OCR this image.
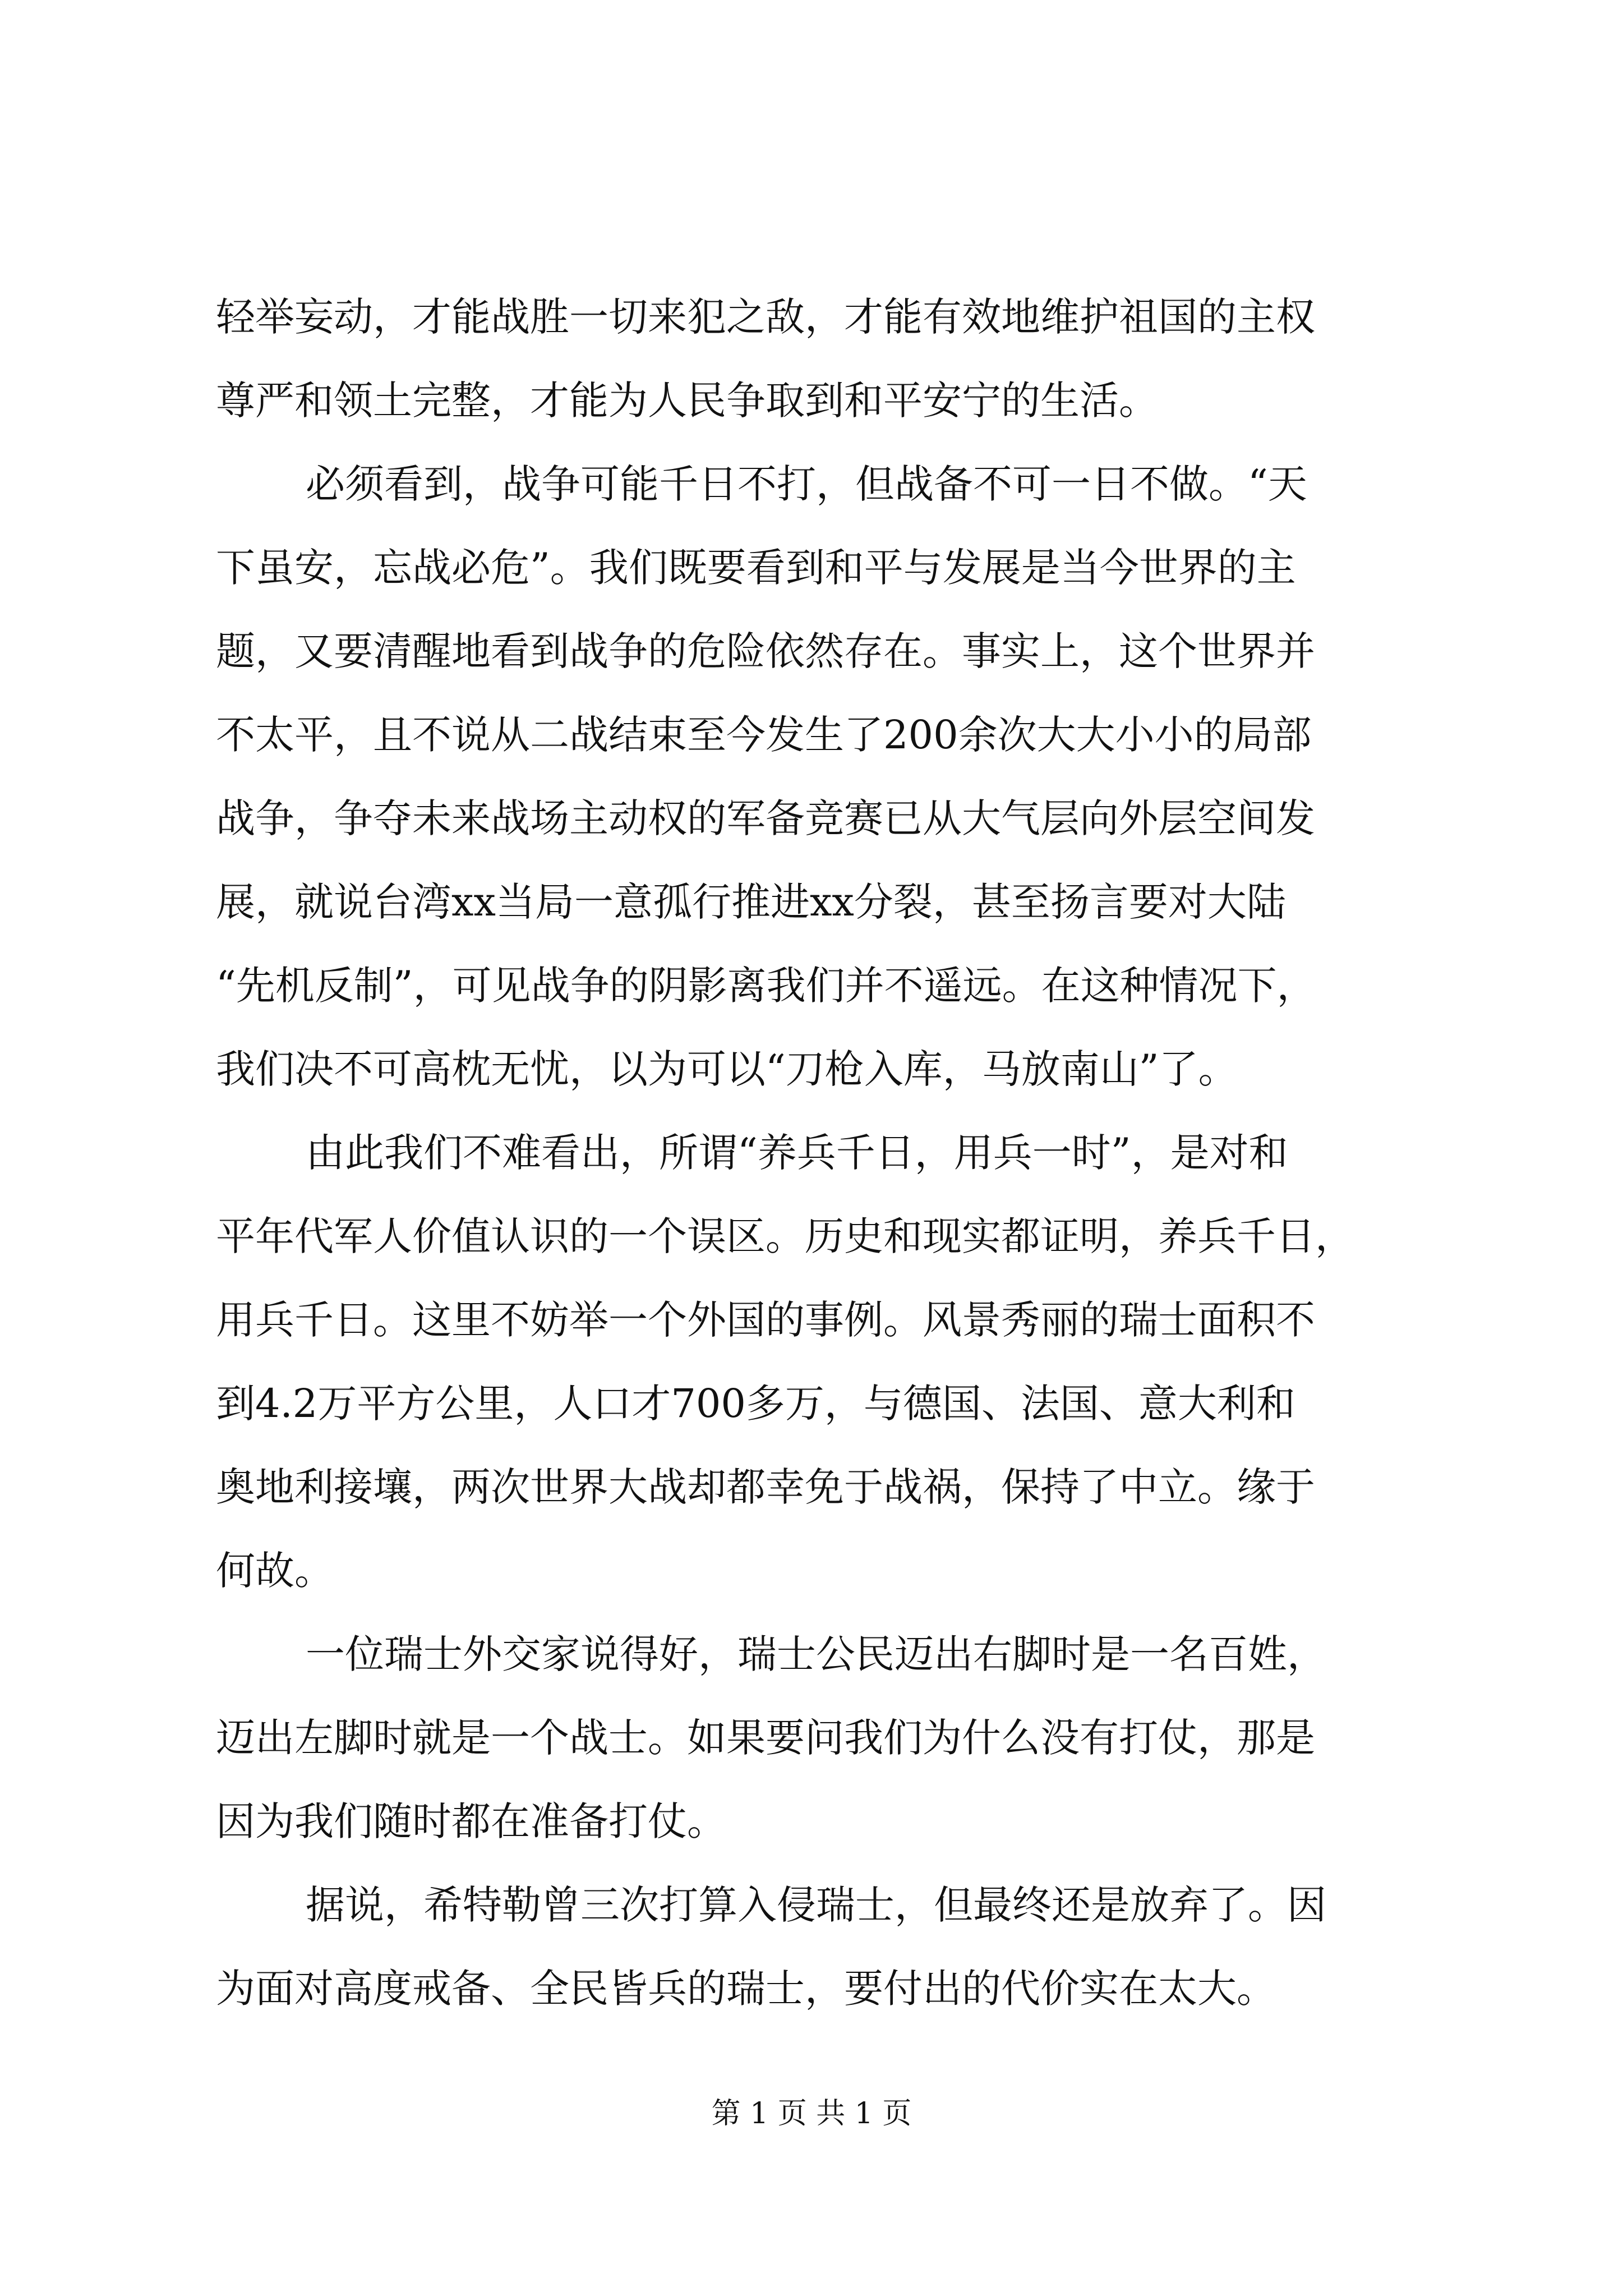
轻举妄动，才能战胜一切来犯之敌，才能有效地维护祖国的主权

尊严和领土完整，才能为人民争取到和平安宁的生活。

必须看到，战争可能千日不打，但战备不可一日不做。“天

下虽安，忘战必危”。我们既要看到和平与发展是当今世界的主

题，又要清醒地看到战争的危险依然存在。事实上，这个世界并

不太平，且不说从二战结束至今发生了200余次大大小小的局部

战争，争夺未来战场主动权的军备竞赛已从大气层向外层空间发

展，就说台湾xx当局一意孤行推进xx分裂，甚至扬言要对大陆

“先机反制”，可见战争的阴影离我们并不遥远。在这种情况下，

我们决不可高枕无忧，以为可以“刀枪入库，马放南山”了。

由此我们不难看出，所谓“养兵千日，用兵一时”，是对和

平年代军人价值认识的一个误区。历史和现实都证明，养兵千日，

用兵千日。这里不妨举一个外国的事例。风景秀丽的瑞士面积不

到4.2万平方公里，人口才700多万，与德国、法国、意大利和

奥地利接壤，两次世界大战却都幸免于战祸，保持了中立。缘于

何故。

一位瑞士外交家说得好，瑞士公民迈出右脚时是一名百姓，

迈出左脚时就是一个战士。如果要问我们为什么没有打仗，那是

因为我们随时都在准备打仗。

据说，希特勒曾三次打算入侵瑞士，但最终还是放弃了。因

为面对高度戒备、全民皆兵的瑞士，要付出的代价实在太大。

第 1 页 共 1 页
